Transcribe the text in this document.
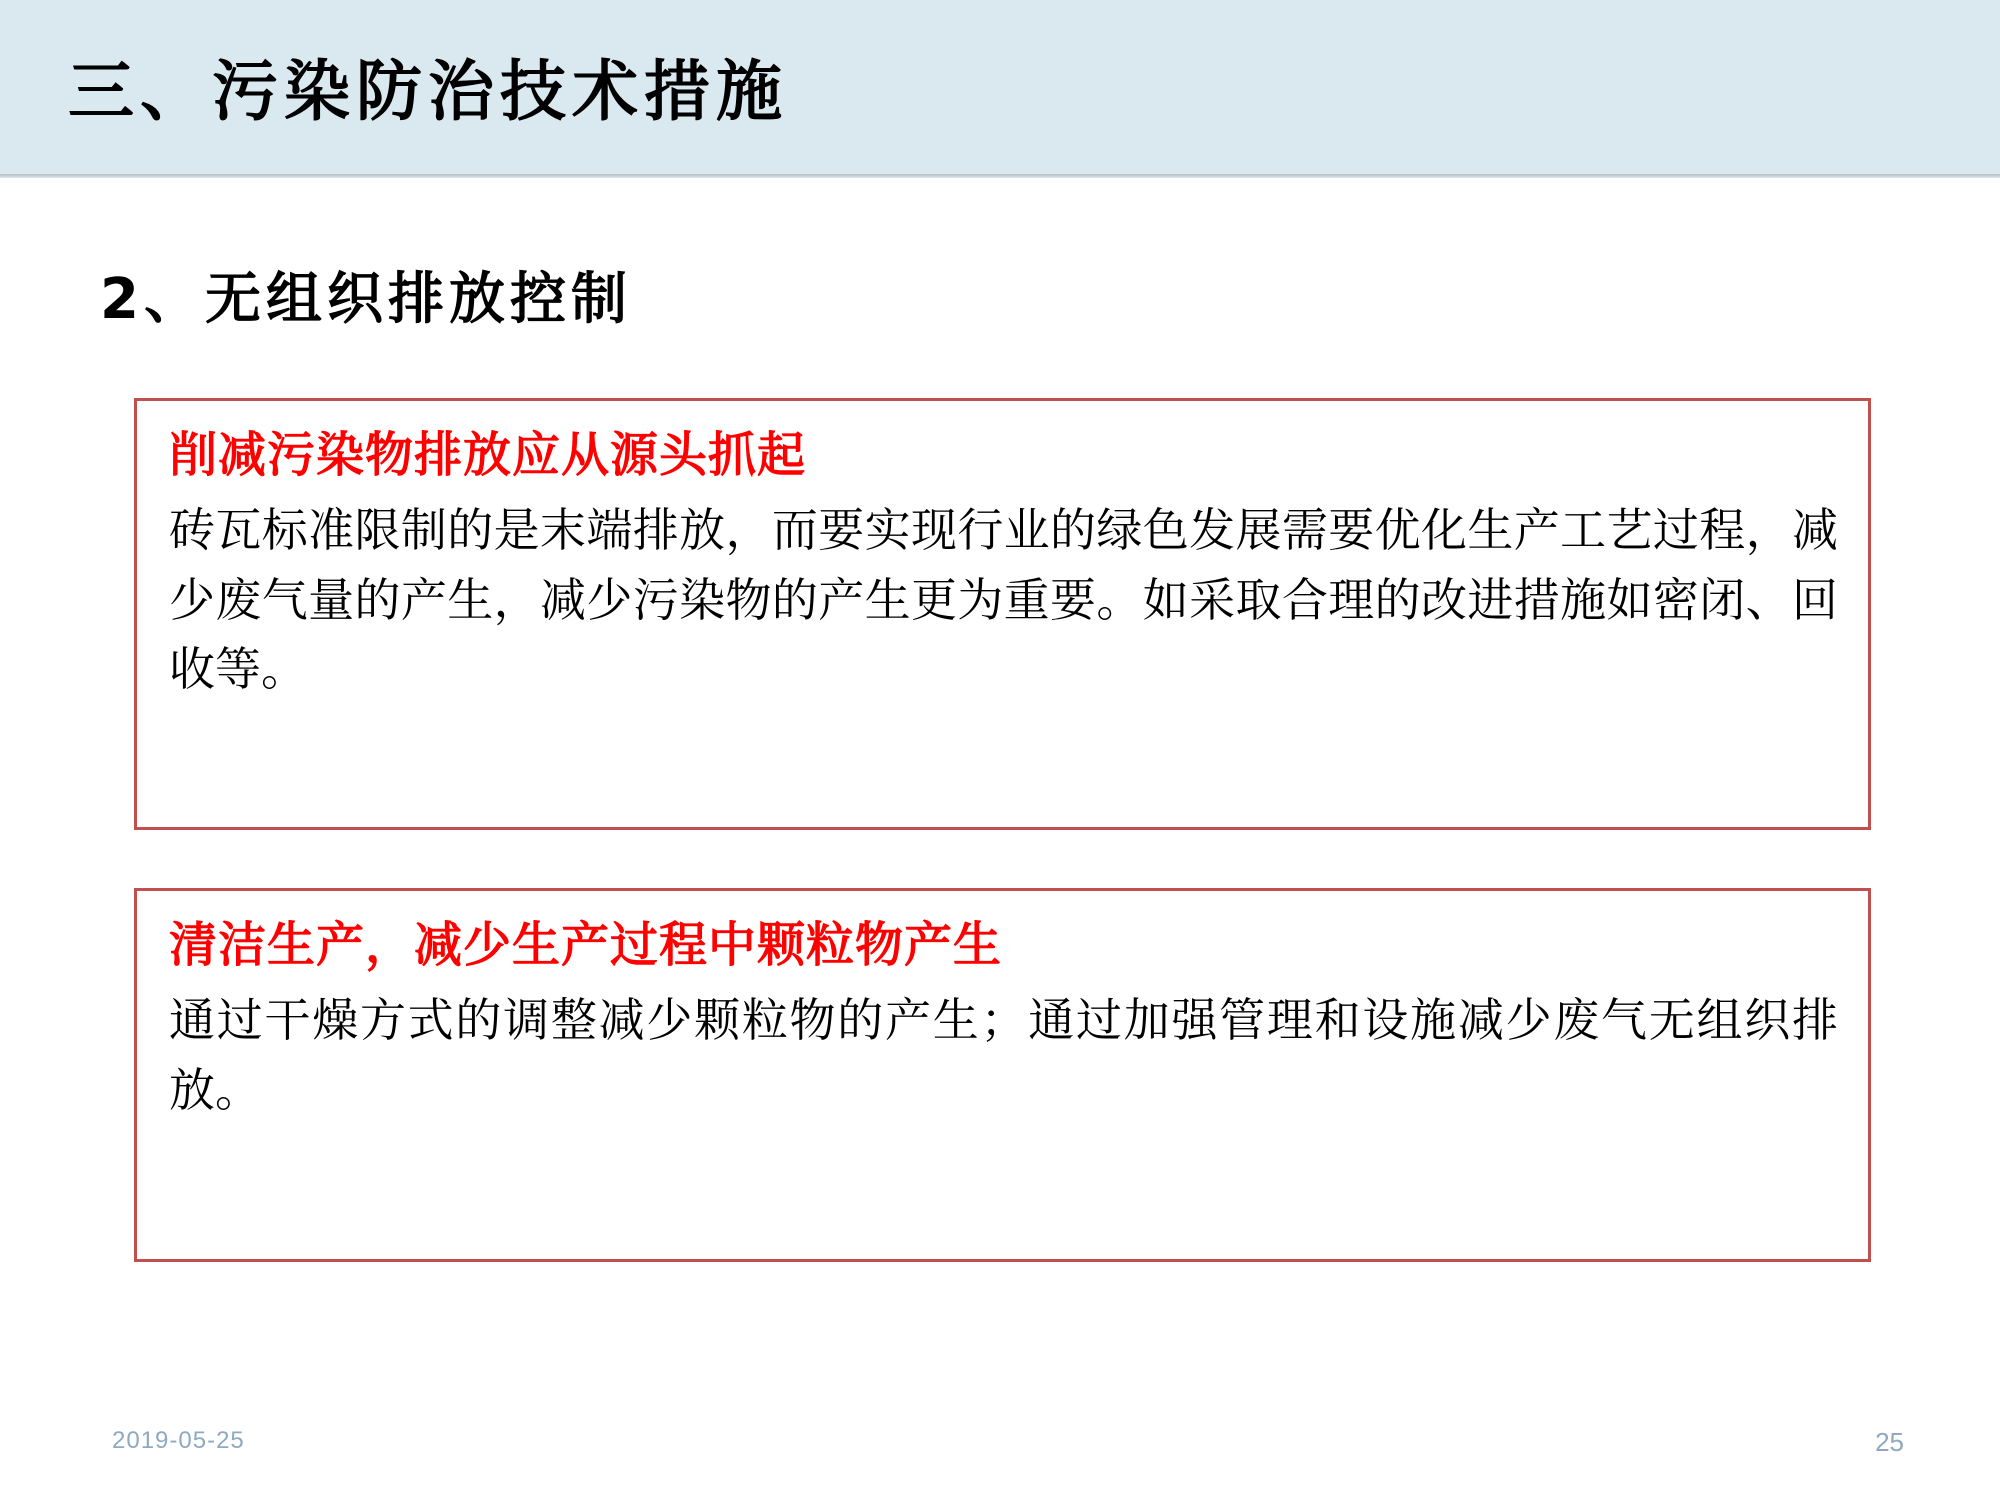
三、污染防治技术措施
2、无组织排放控制

削减污染物排放应从源头抓起

砖瓦标准限制的是末端排放，而要实现行业的绿色发展需要优化生产工艺过程，减少废气量的产生，减少污染物的产生更为重要。如采取合理的改进措施如密闭、回收等。

清洁生产，减少生产过程中颗粒物产生

通过干燥方式的调整减少颗粒物的产生；通过加强管理和设施减少废气无组织排放。

2019-05-25	25
